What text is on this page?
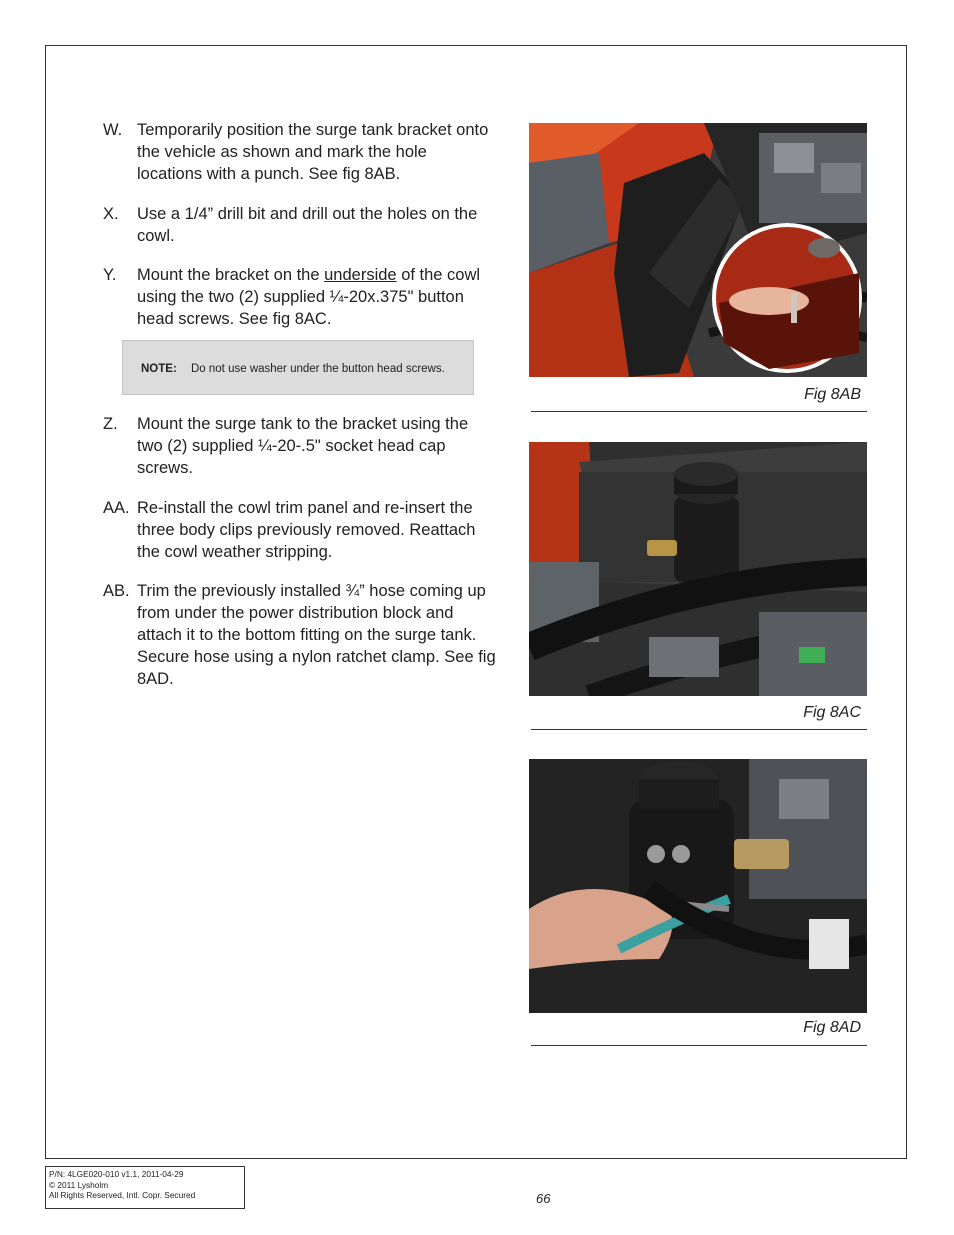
W. Temporarily position the surge tank bracket onto the vehicle as shown and mark the hole locations with a punch. See fig 8AB.
X. Use a 1/4” drill bit and drill out the holes on the cowl.
Y. Mount the bracket on the underside of the cowl using the two (2) supplied ¼-20x.375" button head screws. See fig 8AC.
NOTE: Do not use washer under the button head screws.
Z. Mount the surge tank to the bracket using the two (2) supplied ¼-20-.5" socket head cap screws.
AA. Re-install the cowl trim panel and re-insert the three body clips previously removed. Reattach the cowl weather stripping.
AB. Trim the previously installed ¾” hose coming up from under the power distribution block and attach it to the bottom fitting on the surge tank. Secure hose using a nylon ratchet clamp. See fig 8AD.
Fig 8AB
Fig 8AC
Fig 8AD
P/N: 4LGE020-010 v1.1, 2011-04-29
© 2011 Lysholm
All Rights Reserved, Intl. Copr. Secured	66
